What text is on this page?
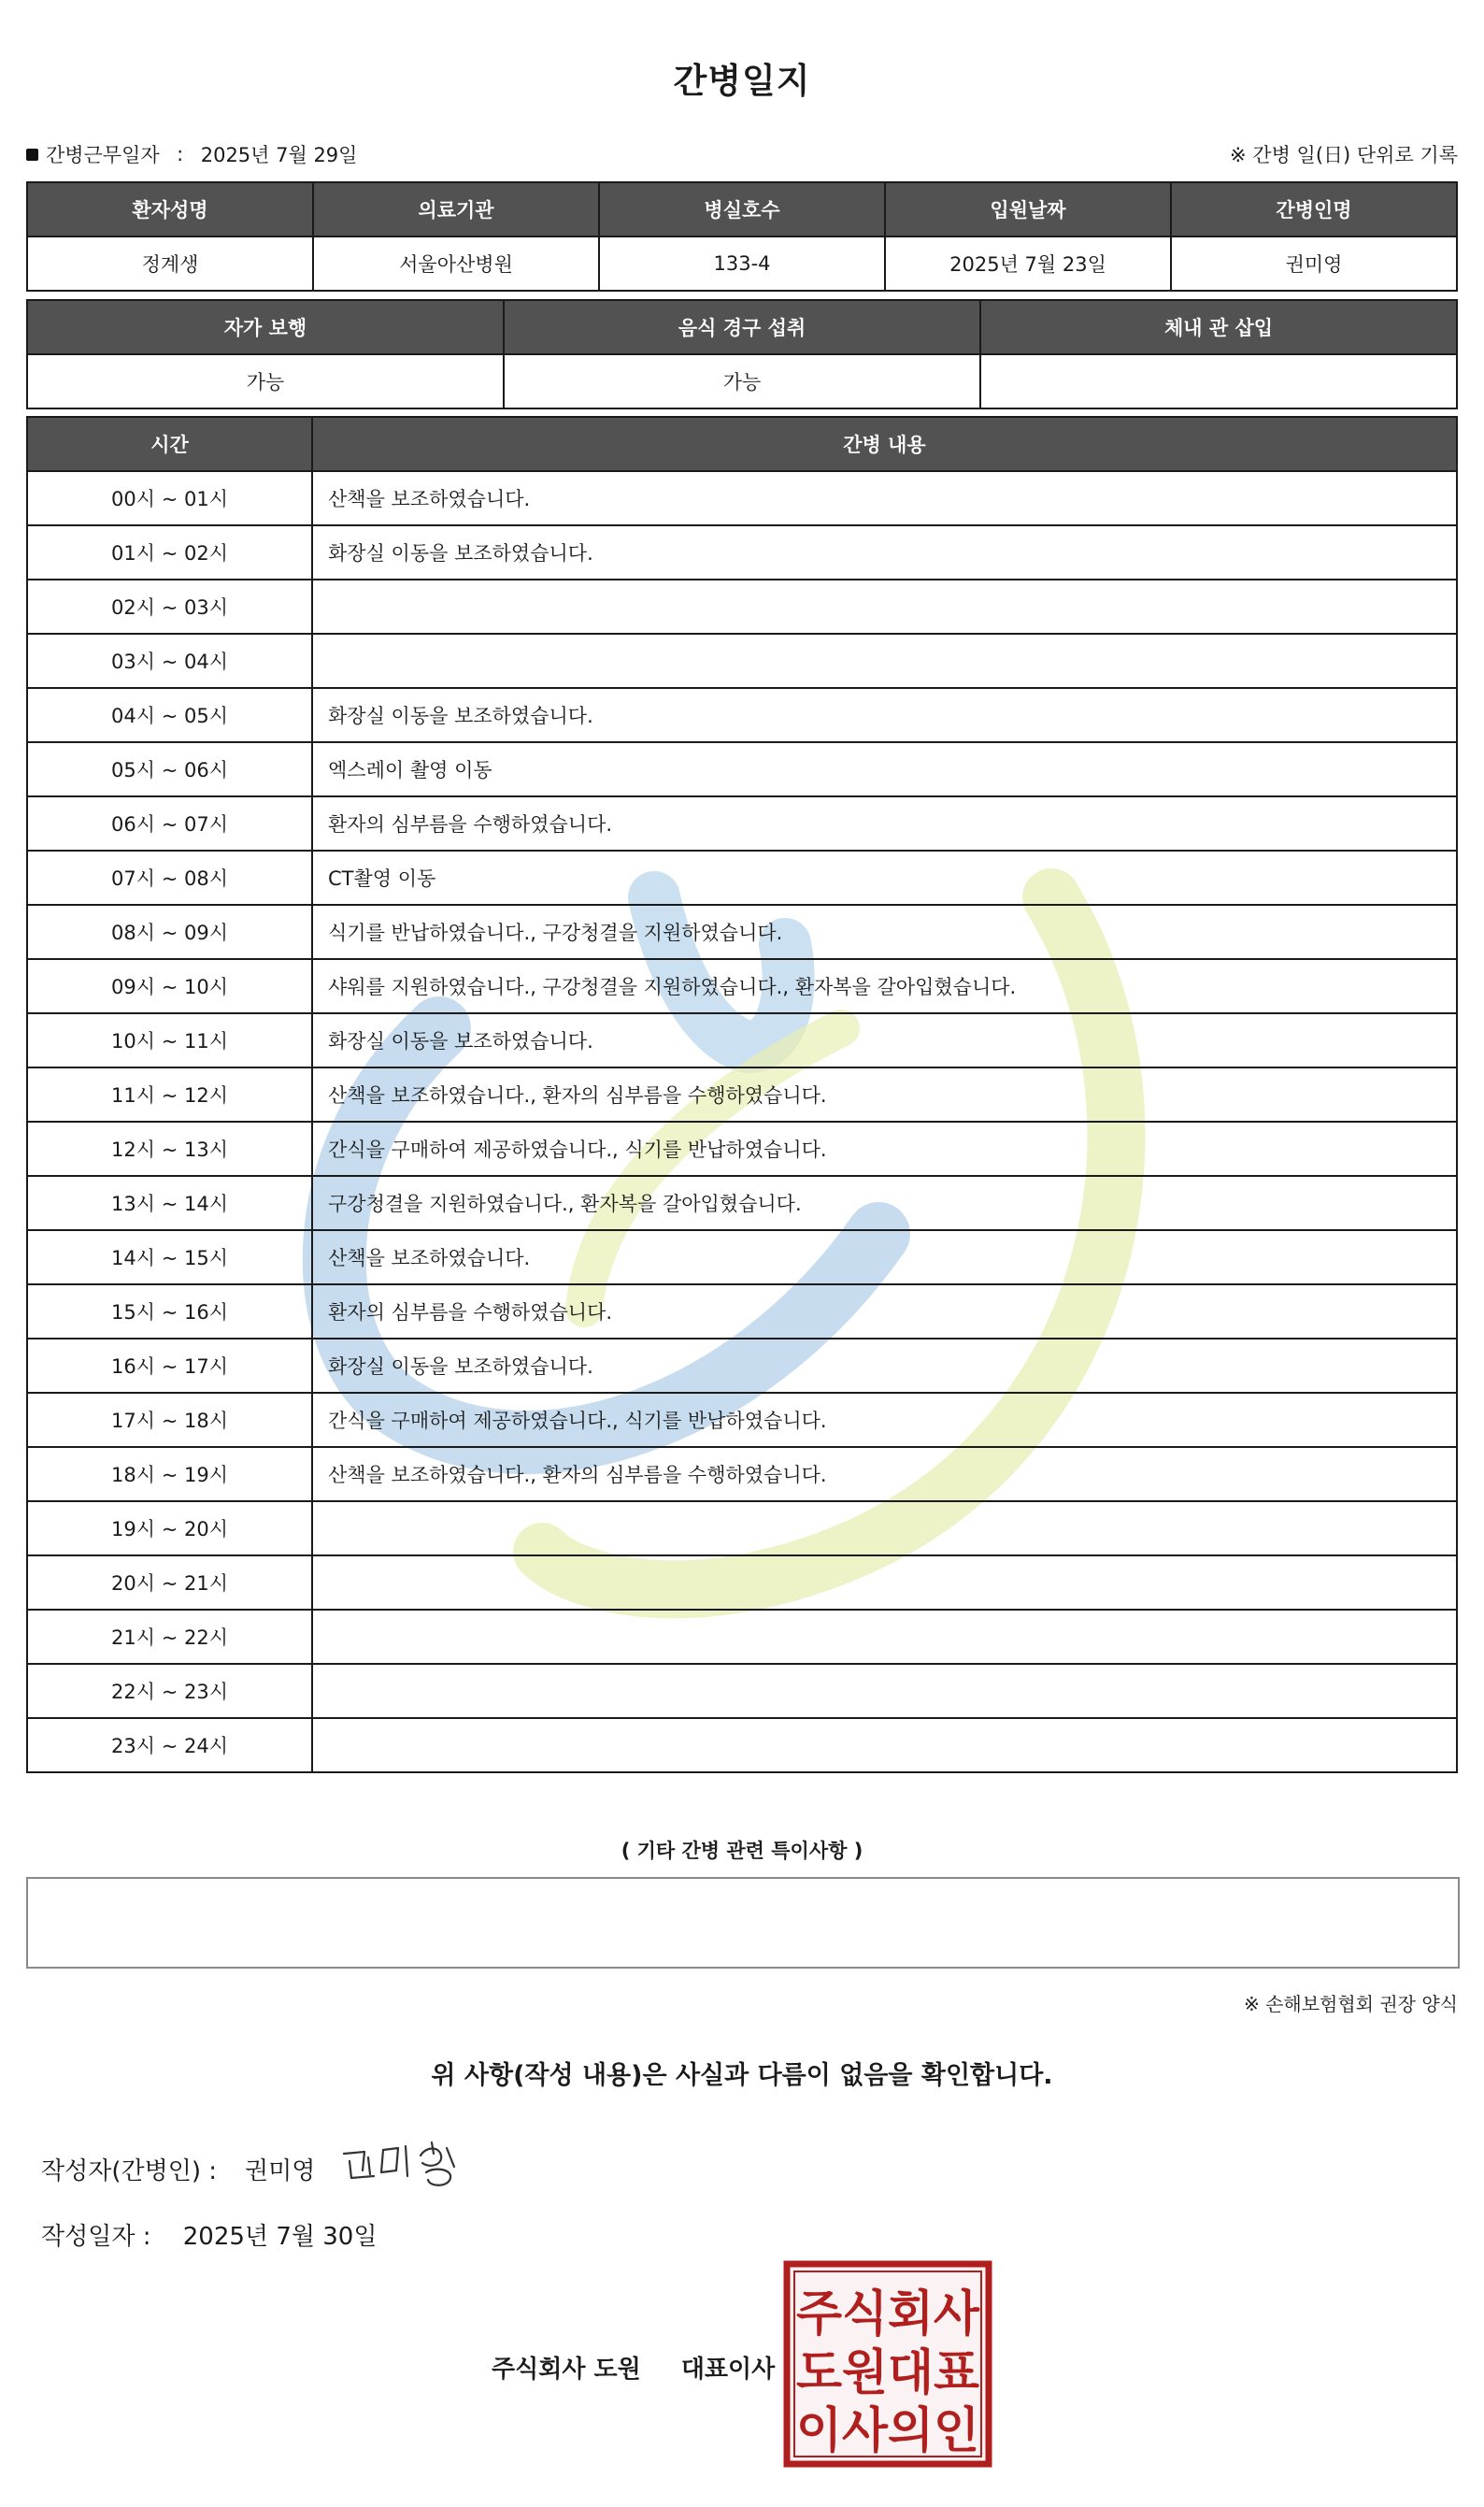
간병일지
간병근무일자 : 2025년 7월 29일	※ 간병 일(日) 단위로 기록
환자성명	의료기관	병실호수	입원날짜	간병인명
정계생	서울아산병원	133-4	2025년 7월 23일	권미영
자가 보행	음식 경구 섭취	체내 관 삽입
가능	가능	
시간	간병 내용
00시 ~ 01시	산책을 보조하였습니다.
01시 ~ 02시	화장실 이동을 보조하였습니다.
02시 ~ 03시	
03시 ~ 04시	
04시 ~ 05시	화장실 이동을 보조하였습니다.
05시 ~ 06시	엑스레이 촬영 이동
06시 ~ 07시	환자의 심부름을 수행하였습니다.
07시 ~ 08시	CT촬영 이동
08시 ~ 09시	식기를 반납하였습니다., 구강청결을 지원하였습니다.
09시 ~ 10시	샤워를 지원하였습니다., 구강청결을 지원하였습니다., 환자복을 갈아입혔습니다.
10시 ~ 11시	화장실 이동을 보조하였습니다.
11시 ~ 12시	산책을 보조하였습니다., 환자의 심부름을 수행하였습니다.
12시 ~ 13시	간식을 구매하여 제공하였습니다., 식기를 반납하였습니다.
13시 ~ 14시	구강청결을 지원하였습니다., 환자복을 갈아입혔습니다.
14시 ~ 15시	산책을 보조하였습니다.
15시 ~ 16시	환자의 심부름을 수행하였습니다.
16시 ~ 17시	화장실 이동을 보조하였습니다.
17시 ~ 18시	간식을 구매하여 제공하였습니다., 식기를 반납하였습니다.
18시 ~ 19시	산책을 보조하였습니다., 환자의 심부름을 수행하였습니다.
19시 ~ 20시	
20시 ~ 21시	
21시 ~ 22시	
22시 ~ 23시	
23시 ~ 24시	
( 기타 간병 관련 특이사항 )
※ 손해보험협회 권장 양식
위 사항(작성 내용)은 사실과 다름이 없음을 확인합니다.
작성자(간병인) : 권미영
작성일자 : 2025년 7월 30일
주식회사 도원 대표이사
주식회사
도원대표
이사의인
